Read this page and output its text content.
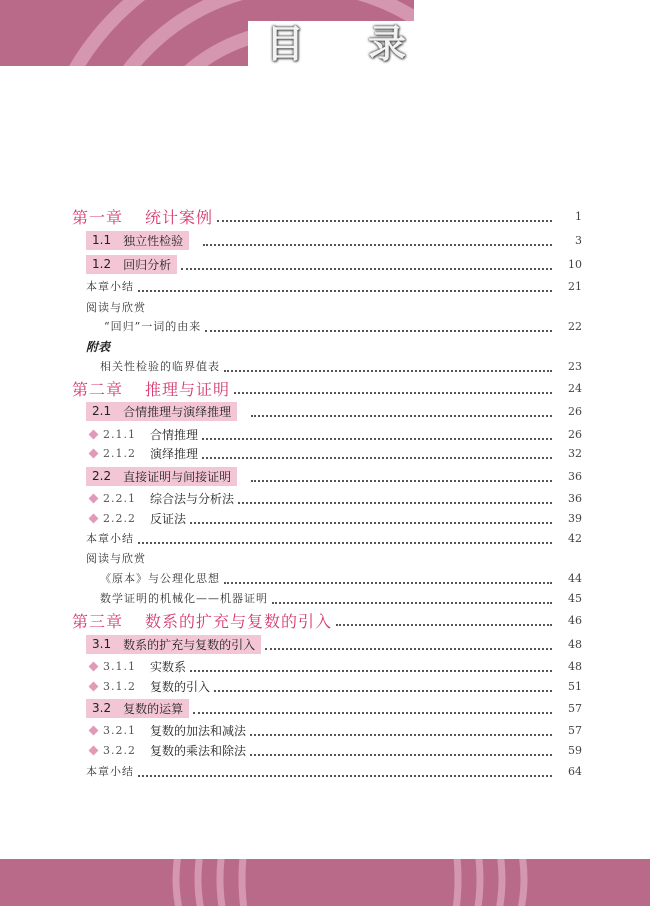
目 录
第一章 统计案例	1
1.1 独立性检验	3
1.2 回归分析	10
本章小结	21
阅读与欣赏
“回归”一词的由来	22
附表
相关性检验的临界值表	23
第二章 推理与证明	24
2.1 合情推理与演绎推理	26
2.1.1 合情推理	26
2.1.2 演绎推理	32
2.2 直接证明与间接证明	36
2.2.1 综合法与分析法	36
2.2.2 反证法	39
本章小结	42
阅读与欣赏
《原本》与公理化思想	44
数学证明的机械化——机器证明	45
第三章 数系的扩充与复数的引入	46
3.1 数系的扩充与复数的引入	48
3.1.1 实数系	48
3.1.2 复数的引入	51
3.2 复数的运算	57
3.2.1 复数的加法和减法	57
3.2.2 复数的乘法和除法	59
本章小结	64
